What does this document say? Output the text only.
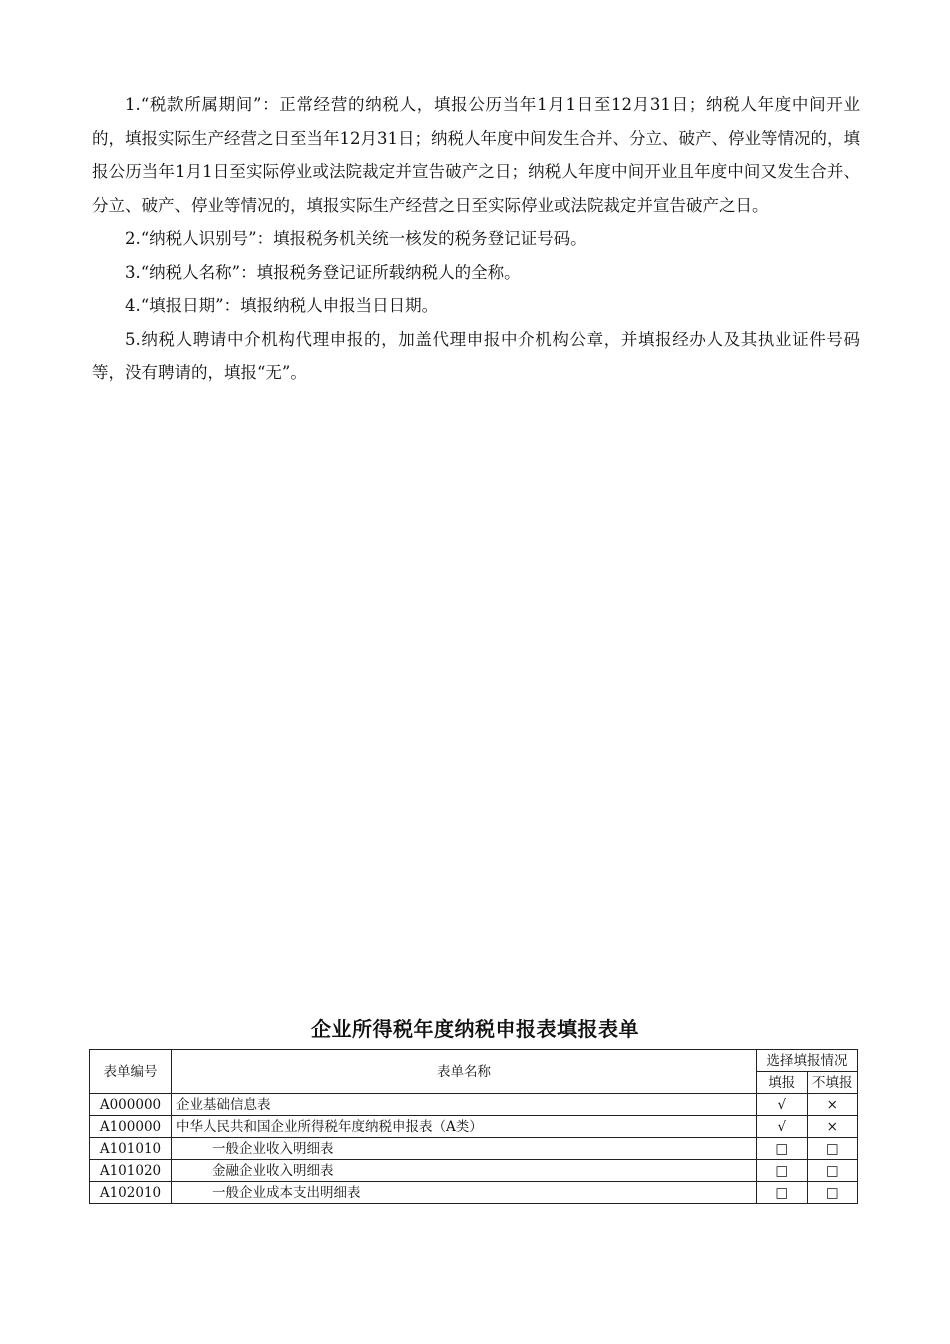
1.“税款所属期间”：正常经营的纳税人，填报公历当年1月1日至12月31日；纳税人年度中间开业的，填报实际生产经营之日至当年12月31日；纳税人年度中间发生合并、分立、破产、停业等情况的，填报公历当年1月1日至实际停业或法院裁定并宣告破产之日；纳税人年度中间开业且年度中间又发生合并、分立、破产、停业等情况的，填报实际生产经营之日至实际停业或法院裁定并宣告破产之日。

2.“纳税人识别号”：填报税务机关统一核发的税务登记证号码。

3.“纳税人名称”：填报税务登记证所载纳税人的全称。

4.“填报日期”：填报纳税人申报当日日期。

5.纳税人聘请中介机构代理申报的，加盖代理申报中介机构公章，并填报经办人及其执业证件号码等，没有聘请的，填报“无”。

企业所得税年度纳税申报表填报表单
表单编号	表单名称	选择填报情况	
		填报	不填报
A000000	企业基础信息表	√	×
A100000	中华人民共和国企业所得税年度纳税申报表（A类）	√	×
A101010	一般企业收入明细表	□	□
A101020	金融企业收入明细表	□	□
A102010	一般企业成本支出明细表	□	□
